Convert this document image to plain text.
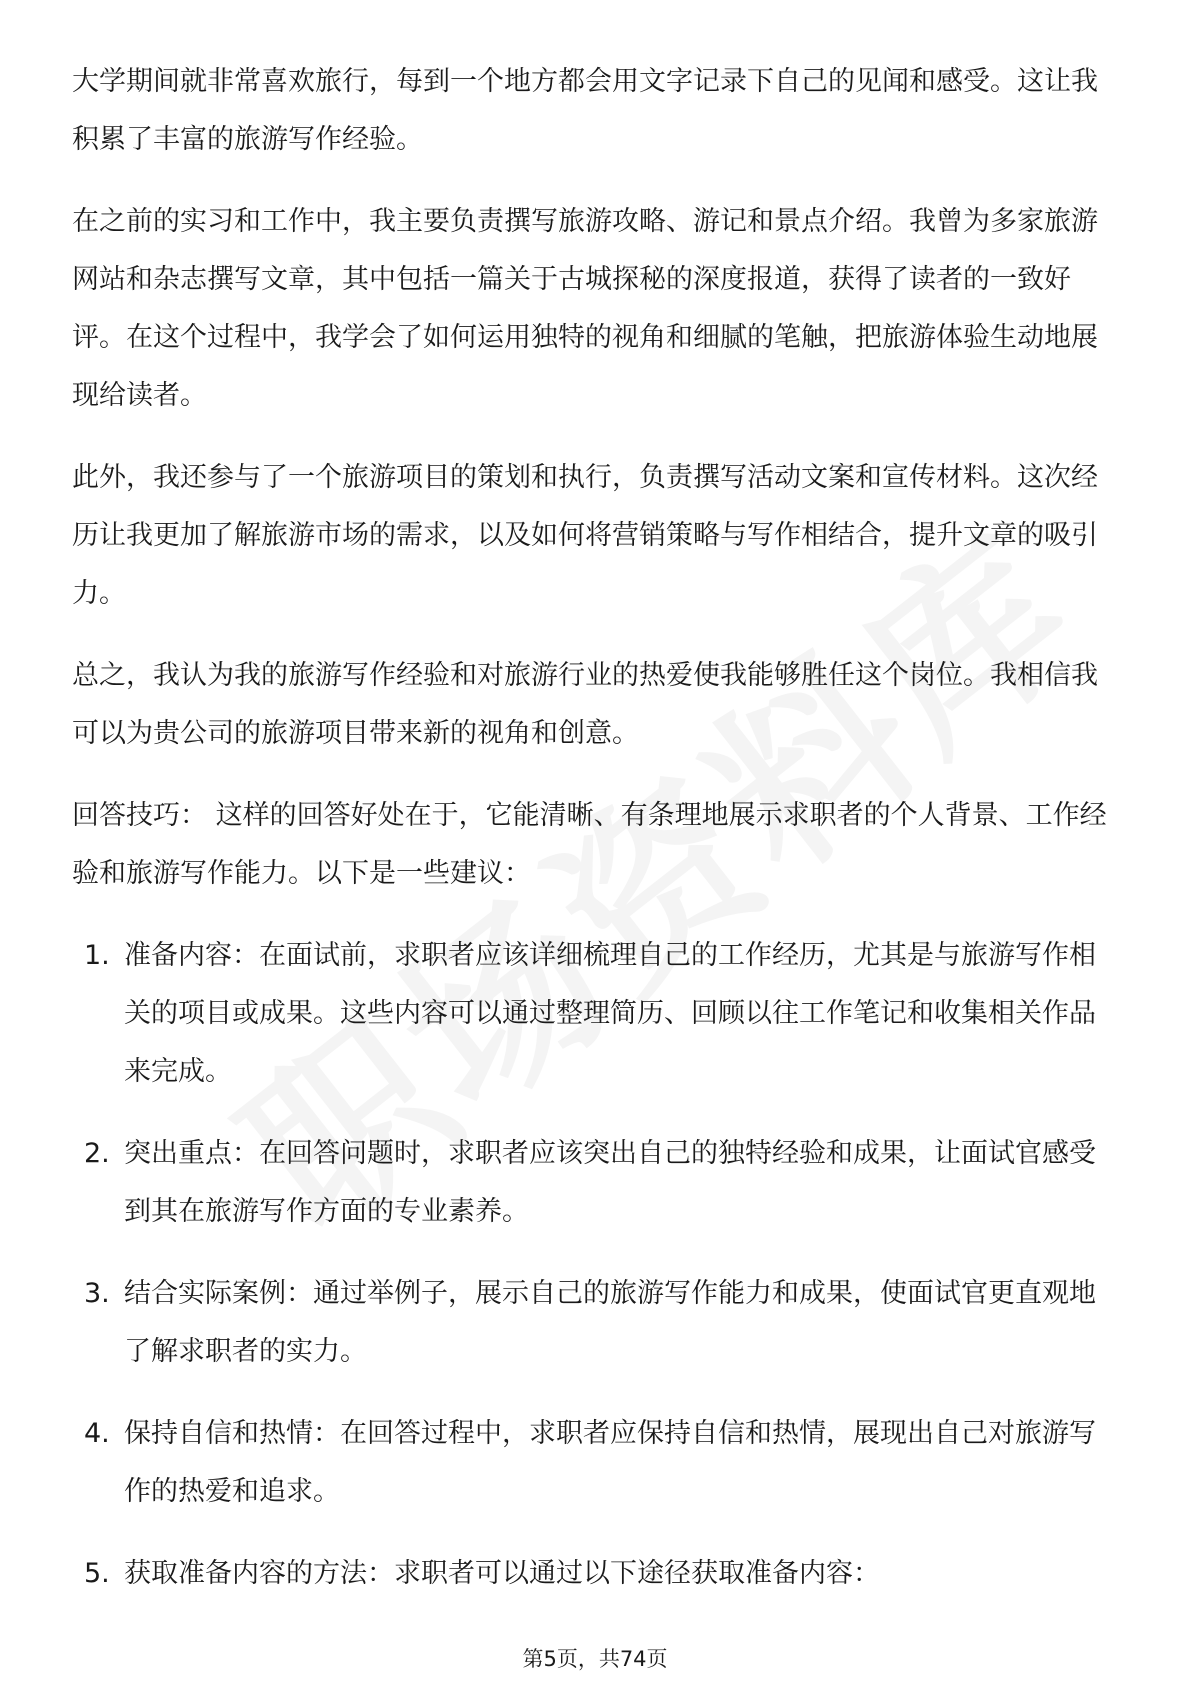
大学期间就非常喜欢旅行，每到一个地方都会用文字记录下自己的见闻和感受。这让我积累了丰富的旅游写作经验。

在之前的实习和工作中，我主要负责撰写旅游攻略、游记和景点介绍。我曾为多家旅游网站和杂志撰写文章，其中包括一篇关于古城探秘的深度报道，获得了读者的一致好评。在这个过程中，我学会了如何运用独特的视角和细腻的笔触，把旅游体验生动地展现给读者。

此外，我还参与了一个旅游项目的策划和执行，负责撰写活动文案和宣传材料。这次经历让我更加了解旅游市场的需求，以及如何将营销策略与写作相结合，提升文章的吸引力。

总之，我认为我的旅游写作经验和对旅游行业的热爱使我能够胜任这个岗位。我相信我可以为贵公司的旅游项目带来新的视角和创意。

回答技巧： 这样的回答好处在于，它能清晰、有条理地展示求职者的个人背景、工作经验和旅游写作能力。以下是一些建议：

1. 准备内容：在面试前，求职者应该详细梳理自己的工作经历，尤其是与旅游写作相关的项目或成果。这些内容可以通过整理简历、回顾以往工作笔记和收集相关作品来完成。
2. 突出重点：在回答问题时，求职者应该突出自己的独特经验和成果，让面试官感受到其在旅游写作方面的专业素养。
3. 结合实际案例：通过举例子，展示自己的旅游写作能力和成果，使面试官更直观地了解求职者的实力。
4. 保持自信和热情：在回答过程中，求职者应保持自信和热情，展现出自己对旅游写作的热爱和追求。
5. 获取准备内容的方法：求职者可以通过以下途径获取准备内容：
第5页，共74页
